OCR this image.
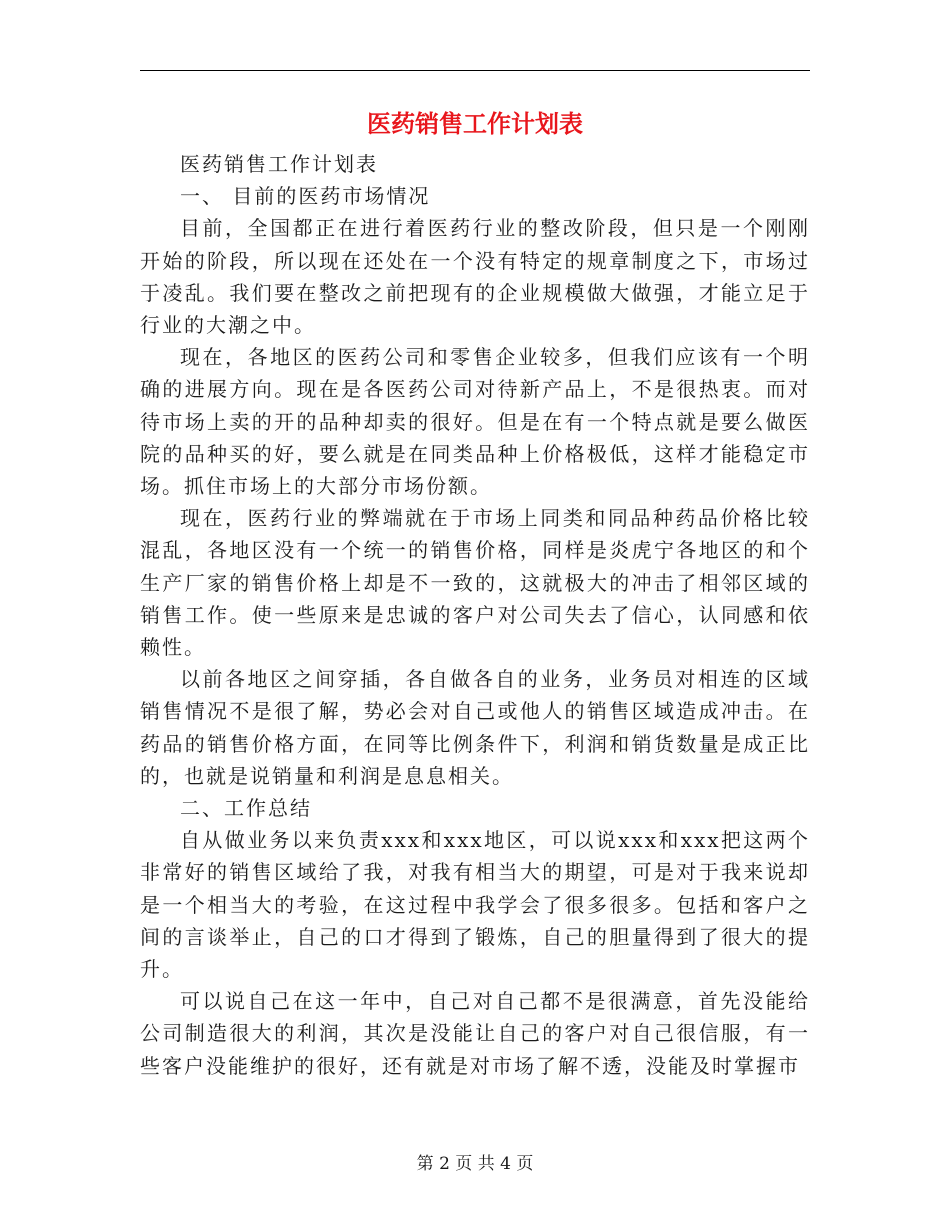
医药销售工作计划表

医药销售工作计划表

一、 目前的医药市场情况

目前，全国都正在进行着医药行业的整改阶段，但只是一个刚刚开始的阶段，所以现在还处在一个没有特定的规章制度之下，市场过于凌乱。我们要在整改之前把现有的企业规模做大做强，才能立足于行业的大潮之中。

现在，各地区的医药公司和零售企业较多，但我们应该有一个明确的进展方向。现在是各医药公司对待新产品上，不是很热衷。而对待市场上卖的开的品种却卖的很好。但是在有一个特点就是要么做医院的品种买的好，要么就是在同类品种上价格极低，这样才能稳定市场。抓住市场上的大部分市场份额。

现在，医药行业的弊端就在于市场上同类和同品种药品价格比较混乱，各地区没有一个统一的销售价格，同样是炎虎宁各地区的和个生产厂家的销售价格上却是不一致的，这就极大的冲击了相邻区域的销售工作。使一些原来是忠诚的客户对公司失去了信心，认同感和依赖性。

以前各地区之间穿插，各自做各自的业务，业务员对相连的区域销售情况不是很了解，势必会对自己或他人的销售区域造成冲击。在药品的销售价格方面，在同等比例条件下，利润和销货数量是成正比的，也就是说销量和利润是息息相关。

二、工作总结

自从做业务以来负责xxx和xxx地区，可以说xxx和xxx把这两个非常好的销售区域给了我，对我有相当大的期望，可是对于我来说却是一个相当大的考验，在这过程中我学会了很多很多。包括和客户之间的言谈举止，自己的口才得到了锻炼，自己的胆量得到了很大的提升。

可以说自己在这一年中，自己对自己都不是很满意，首先没能给公司制造很大的利润，其次是没能让自己的客户对自己很信服，有一些客户没能维护的很好，还有就是对市场了解不透，没能及时掌握市

第 2 页 共 4 页
